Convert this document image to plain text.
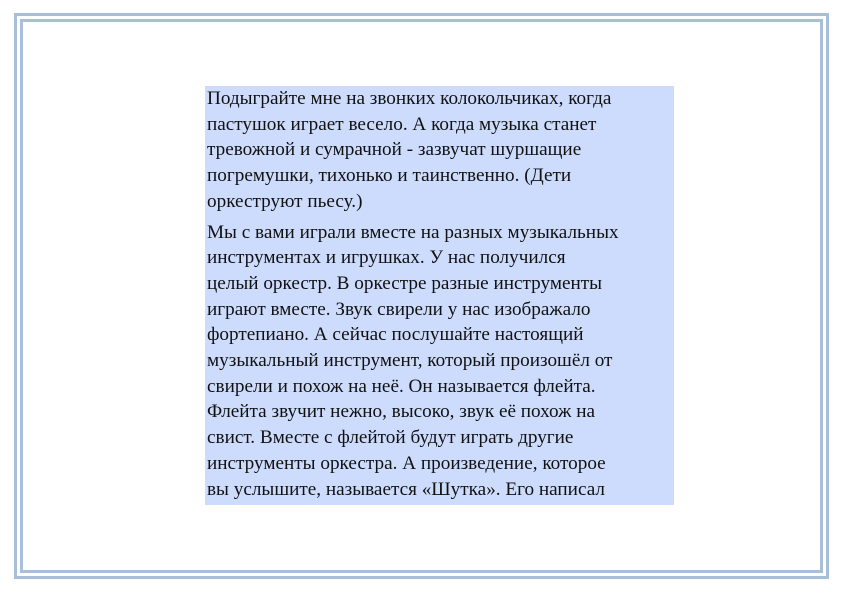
Подыграйте мне на звонких колокольчиках, когда
пастушок играет весело. А когда музыка станет
тревожной и сумрачной - зазвучат шуршащие
погремушки, тихонько и таинственно. (Дети
оркеструют пьесу.)

Мы с вами играли вместе на разных музыкальных
инструментах и игрушках. У нас получился
целый оркестр. В оркестре разные инструменты
играют вместе. Звук свирели у нас изображало
фортепиано. А сейчас послушайте настоящий
музыкальный инструмент, который произошёл от
свирели и похож на неё. Он называется флейта.
Флейта звучит нежно, высоко, звук её похож на
свист. Вместе с флейтой будут играть другие
инструменты оркестра. А произведение, которое
вы услышите, называется «Шутка». Его написал
